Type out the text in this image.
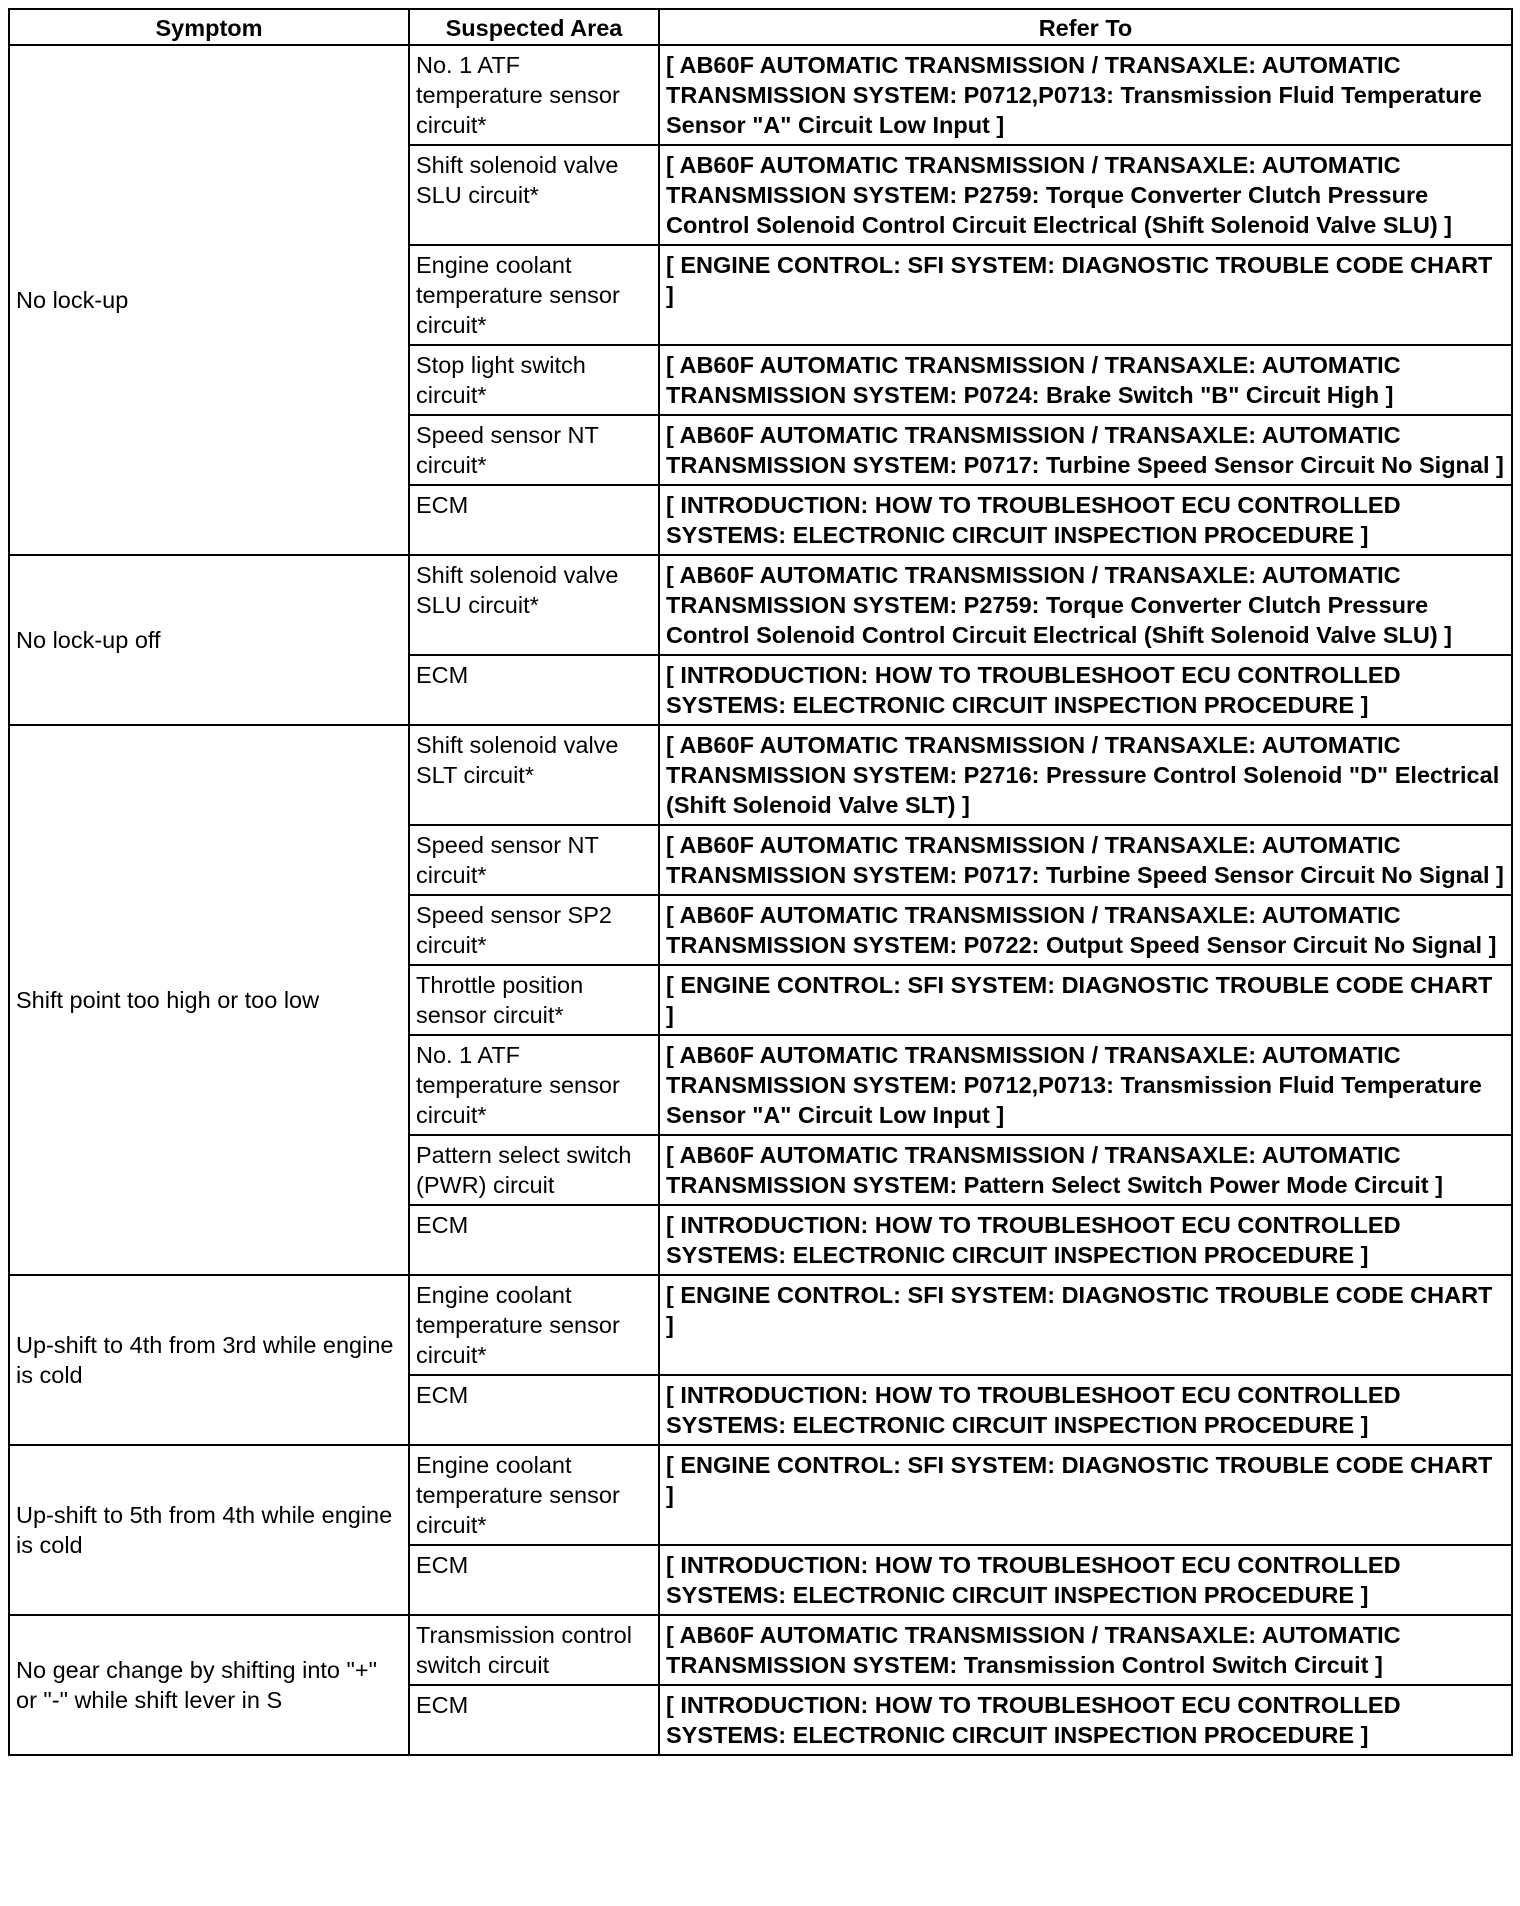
Symptom	Suspected Area	Refer To
No lock-up	No. 1 ATF temperature sensor circuit*	[ AB60F AUTOMATIC TRANSMISSION / TRANSAXLE: AUTOMATIC TRANSMISSION SYSTEM: P0712,P0713: Transmission Fluid Temperature Sensor "A" Circuit Low Input ]
	Shift solenoid valve SLU circuit*	[ AB60F AUTOMATIC TRANSMISSION / TRANSAXLE: AUTOMATIC TRANSMISSION SYSTEM: P2759: Torque Converter Clutch Pressure Control Solenoid Control Circuit Electrical (Shift Solenoid Valve SLU) ]
	Engine coolant temperature sensor circuit*	[ ENGINE CONTROL: SFI SYSTEM: DIAGNOSTIC TROUBLE CODE CHART ]
	Stop light switch circuit*	[ AB60F AUTOMATIC TRANSMISSION / TRANSAXLE: AUTOMATIC TRANSMISSION SYSTEM: P0724: Brake Switch "B" Circuit High ]
	Speed sensor NT circuit*	[ AB60F AUTOMATIC TRANSMISSION / TRANSAXLE: AUTOMATIC TRANSMISSION SYSTEM: P0717: Turbine Speed Sensor Circuit No Signal ]
	ECM	[ INTRODUCTION: HOW TO TROUBLESHOOT ECU CONTROLLED SYSTEMS: ELECTRONIC CIRCUIT INSPECTION PROCEDURE ]
No lock-up off	Shift solenoid valve SLU circuit*	[ AB60F AUTOMATIC TRANSMISSION / TRANSAXLE: AUTOMATIC TRANSMISSION SYSTEM: P2759: Torque Converter Clutch Pressure Control Solenoid Control Circuit Electrical (Shift Solenoid Valve SLU) ]
	ECM	[ INTRODUCTION: HOW TO TROUBLESHOOT ECU CONTROLLED SYSTEMS: ELECTRONIC CIRCUIT INSPECTION PROCEDURE ]
Shift point too high or too low	Shift solenoid valve SLT circuit*	[ AB60F AUTOMATIC TRANSMISSION / TRANSAXLE: AUTOMATIC TRANSMISSION SYSTEM: P2716: Pressure Control Solenoid "D" Electrical (Shift Solenoid Valve SLT) ]
	Speed sensor NT circuit*	[ AB60F AUTOMATIC TRANSMISSION / TRANSAXLE: AUTOMATIC TRANSMISSION SYSTEM: P0717: Turbine Speed Sensor Circuit No Signal ]
	Speed sensor SP2 circuit*	[ AB60F AUTOMATIC TRANSMISSION / TRANSAXLE: AUTOMATIC TRANSMISSION SYSTEM: P0722: Output Speed Sensor Circuit No Signal ]
	Throttle position sensor circuit*	[ ENGINE CONTROL: SFI SYSTEM: DIAGNOSTIC TROUBLE CODE CHART ]
	No. 1 ATF temperature sensor circuit*	[ AB60F AUTOMATIC TRANSMISSION / TRANSAXLE: AUTOMATIC TRANSMISSION SYSTEM: P0712,P0713: Transmission Fluid Temperature Sensor "A" Circuit Low Input ]
	Pattern select switch (PWR) circuit	[ AB60F AUTOMATIC TRANSMISSION / TRANSAXLE: AUTOMATIC TRANSMISSION SYSTEM: Pattern Select Switch Power Mode Circuit ]
	ECM	[ INTRODUCTION: HOW TO TROUBLESHOOT ECU CONTROLLED SYSTEMS: ELECTRONIC CIRCUIT INSPECTION PROCEDURE ]
Up-shift to 4th from 3rd while engine is cold	Engine coolant temperature sensor circuit*	[ ENGINE CONTROL: SFI SYSTEM: DIAGNOSTIC TROUBLE CODE CHART ]
	ECM	[ INTRODUCTION: HOW TO TROUBLESHOOT ECU CONTROLLED SYSTEMS: ELECTRONIC CIRCUIT INSPECTION PROCEDURE ]
Up-shift to 5th from 4th while engine is cold	Engine coolant temperature sensor circuit*	[ ENGINE CONTROL: SFI SYSTEM: DIAGNOSTIC TROUBLE CODE CHART ]
	ECM	[ INTRODUCTION: HOW TO TROUBLESHOOT ECU CONTROLLED SYSTEMS: ELECTRONIC CIRCUIT INSPECTION PROCEDURE ]
No gear change by shifting into "+" or "-" while shift lever in S	Transmission control switch circuit	[ AB60F AUTOMATIC TRANSMISSION / TRANSAXLE: AUTOMATIC TRANSMISSION SYSTEM: Transmission Control Switch Circuit ]
	ECM	[ INTRODUCTION: HOW TO TROUBLESHOOT ECU CONTROLLED SYSTEMS: ELECTRONIC CIRCUIT INSPECTION PROCEDURE ]
